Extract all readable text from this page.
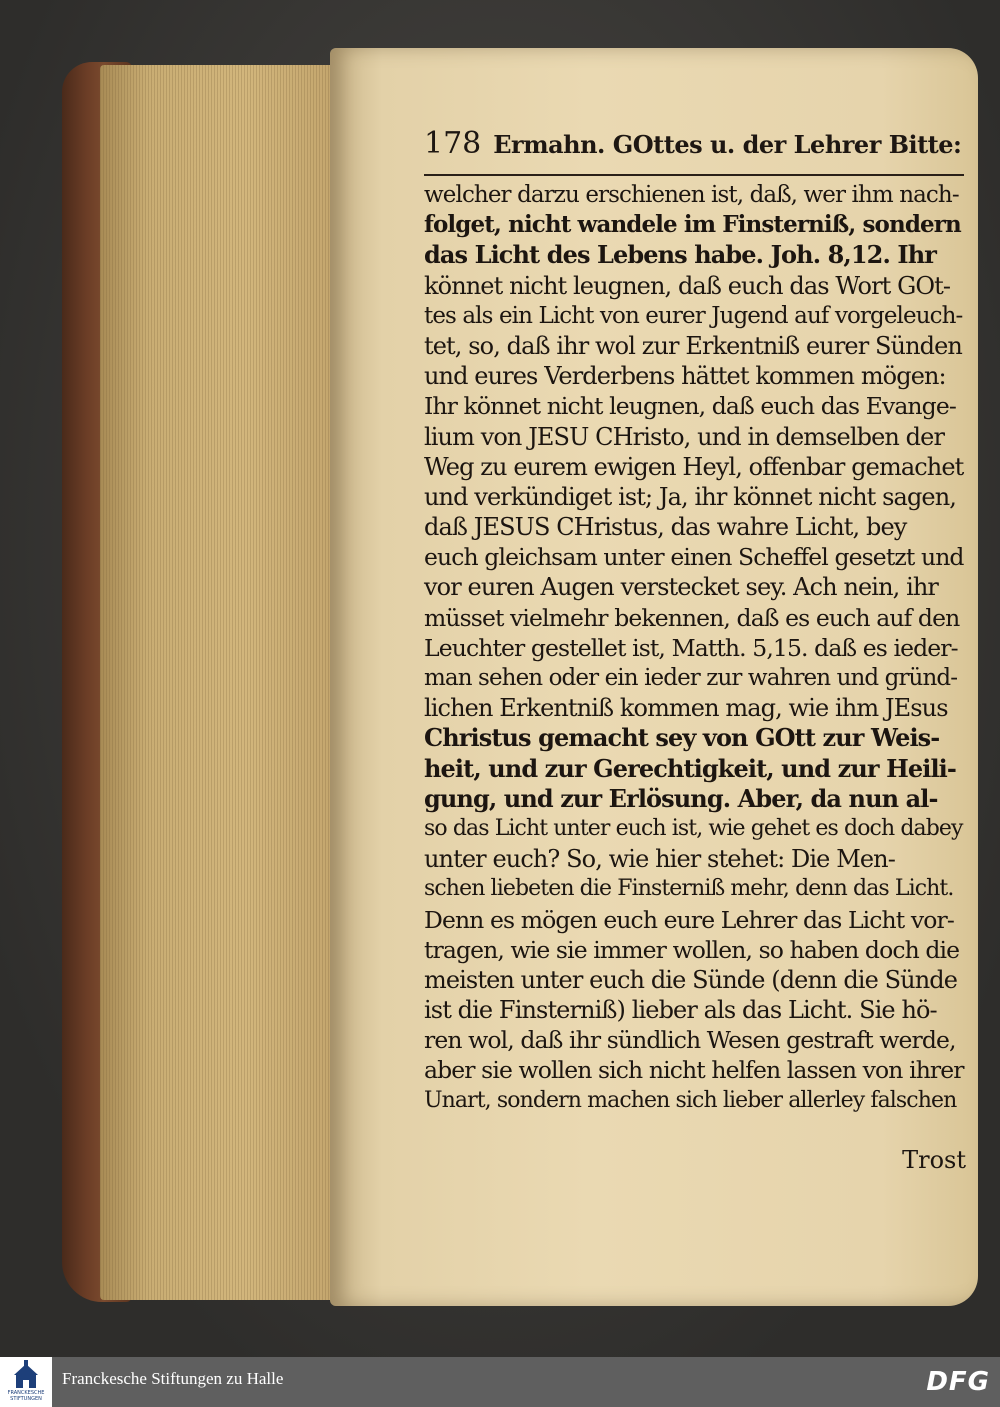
178 Ermahn. GOttes u. der Lehrer Bitte:
welcher darzu erschienen ist, daß, wer ihm nach-
folget, nicht wandele im Finsterniß, sondern
das Licht des Lebens habe. Joh. 8,12. Ihr
könnet nicht leugnen, daß euch das Wort GOt-
tes als ein Licht von eurer Jugend auf vorgeleuch-
tet, so, daß ihr wol zur Erkentniß eurer Sünden
und eures Verderbens hättet kommen mögen:
Ihr könnet nicht leugnen, daß euch das Evange-
lium von JESU CHristo, und in demselben der
Weg zu eurem ewigen Heyl, offenbar gemachet
und verkündiget ist; Ja, ihr könnet nicht sagen,
daß JESUS CHristus, das wahre Licht, bey
euch gleichsam unter einen Scheffel gesetzt und
vor euren Augen verstecket sey. Ach nein, ihr
müsset vielmehr bekennen, daß es euch auf den
Leuchter gestellet ist, Matth. 5,15. daß es ieder-
man sehen oder ein ieder zur wahren und gründ-
lichen Erkentniß kommen mag, wie ihm JEsus
Christus gemacht sey von GOtt zur Weis-
heit, und zur Gerechtigkeit, und zur Heili-
gung, und zur Erlösung. Aber, da nun al-
so das Licht unter euch ist, wie gehet es doch dabey
unter euch? So, wie hier stehet: Die Men-
schen liebeten die Finsterniß mehr, denn das Licht.
Denn es mögen euch eure Lehrer das Licht vor-
tragen, wie sie immer wollen, so haben doch die
meisten unter euch die Sünde (denn die Sünde
ist die Finsterniß) lieber als das Licht. Sie hö-
ren wol, daß ihr sündlich Wesen gestraft werde,
aber sie wollen sich nicht helfen lassen von ihrer
Unart, sondern machen sich lieber allerley falschen
Trost
FRANCKESCHE STIFTUNGEN
Franckesche Stiftungen zu Halle	DFG
